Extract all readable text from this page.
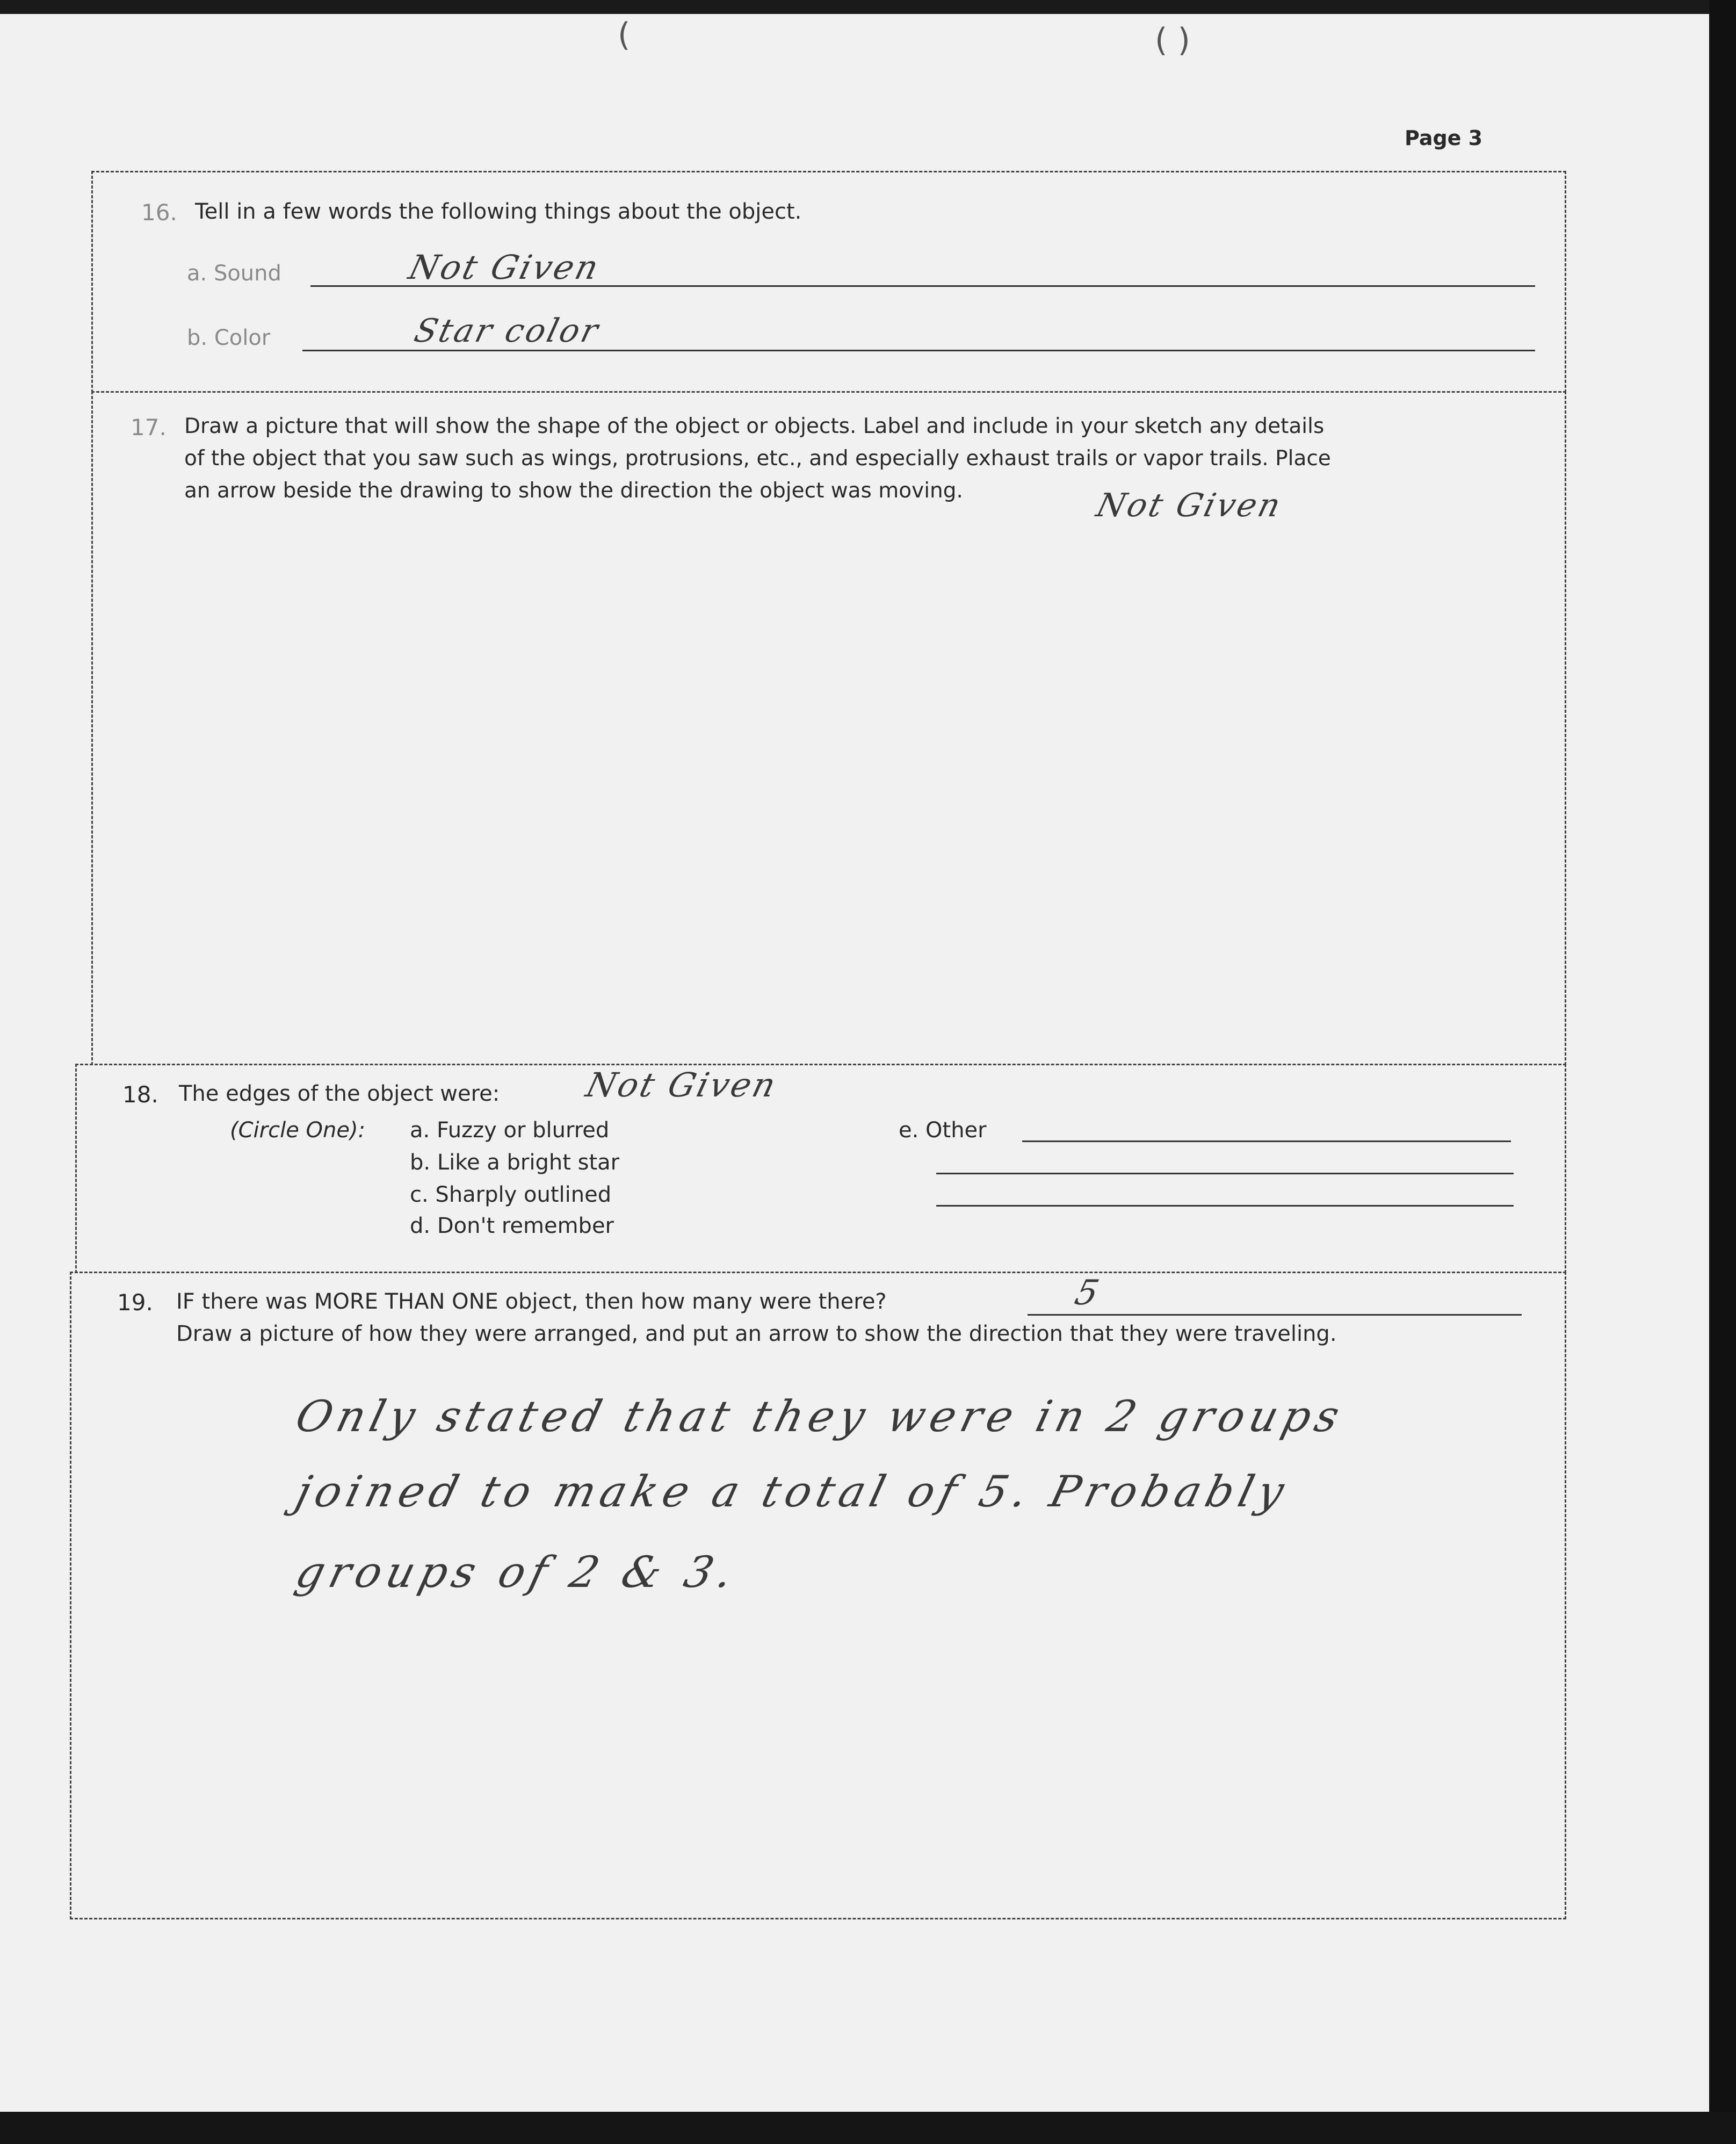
(	( )
Page 3
16. Tell in a few words the following things about the object.
a. Sound	Not Given
b. Color	Star color
17. Draw a picture that will show the shape of the object or objects. Label and include in your sketch any details
of the object that you saw such as wings, protrusions, etc., and especially exhaust trails or vapor trails. Place
an arrow beside the drawing to show the direction the object was moving.	Not Given
18. The edges of the object were: Not Given
(Circle One): a. Fuzzy or blurred
b. Like a bright star
c. Sharply outlined
d. Don't remember
e. Other
19. IF there was MORE THAN ONE object, then how many were there?	5
Draw a picture of how they were arranged, and put an arrow to show the direction that they were traveling.
Only stated that they were in 2 groups
joined to make a total of 5. Probably
groups of 2 & 3.
